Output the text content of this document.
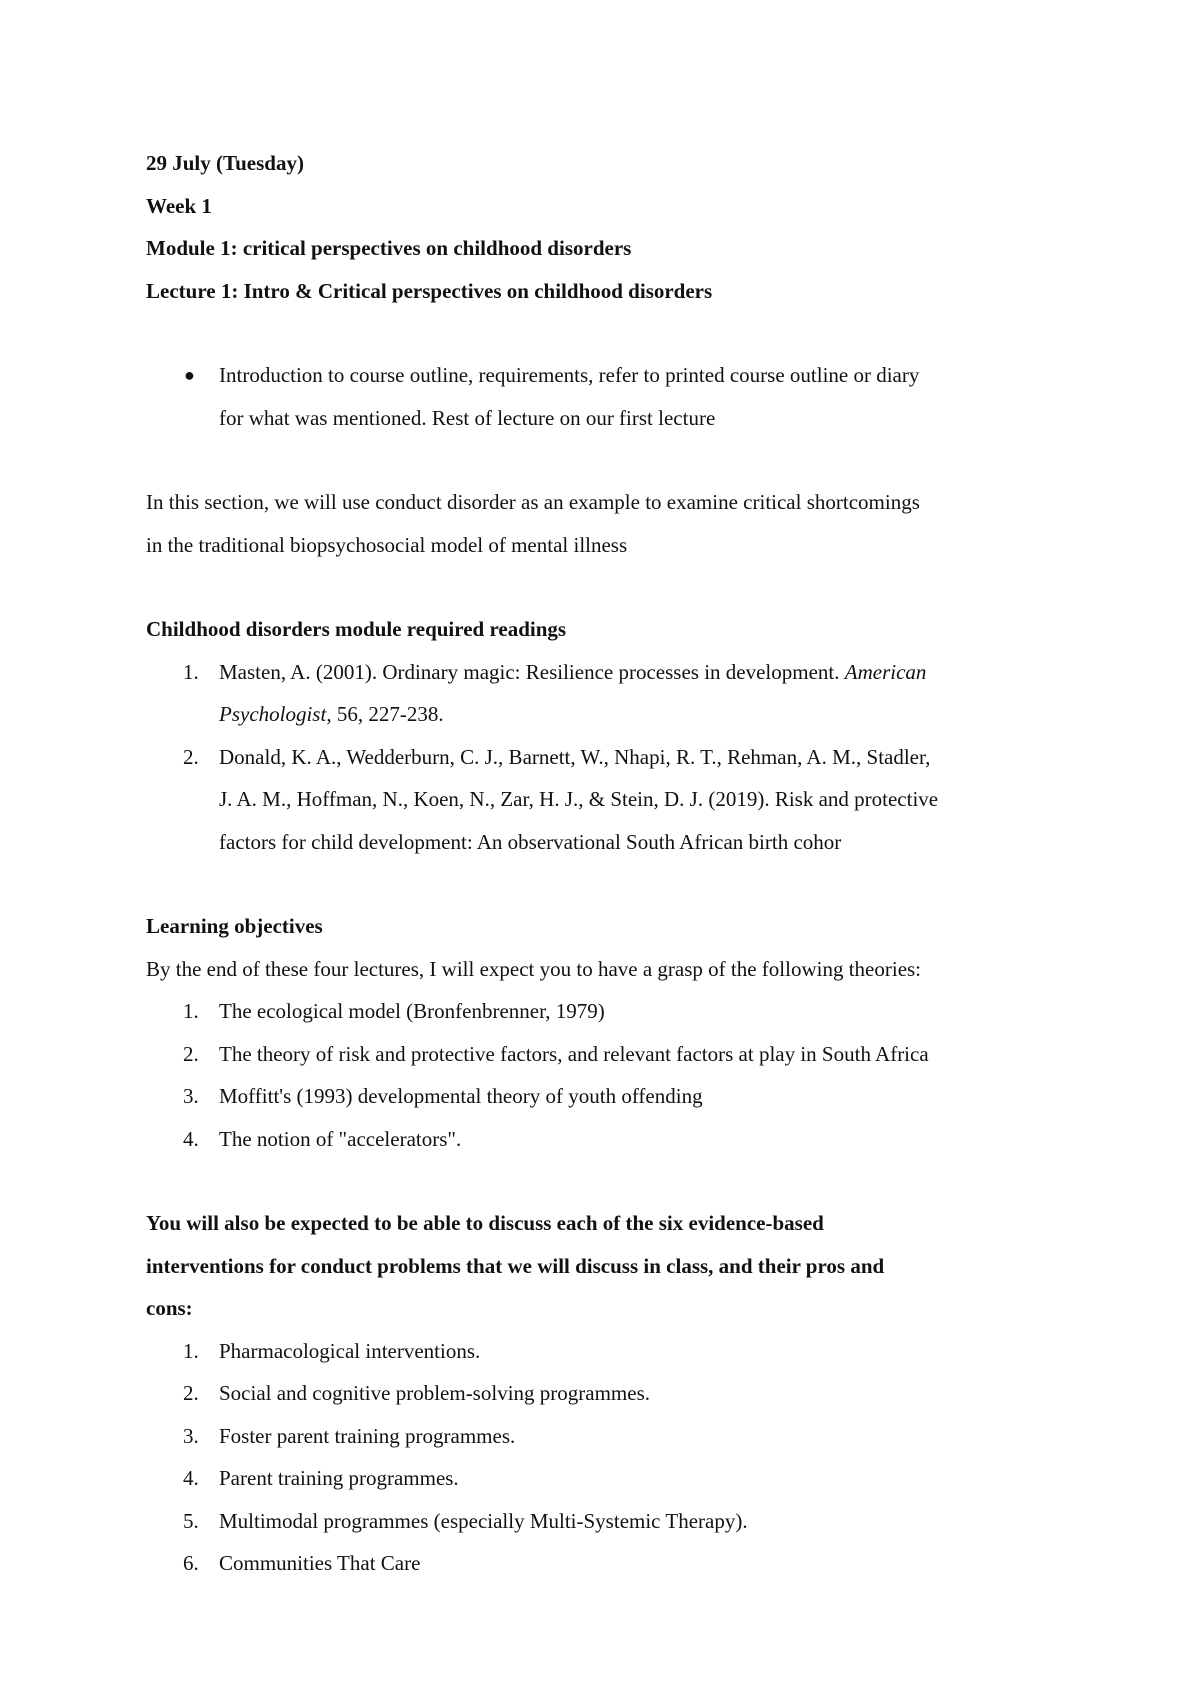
29 July (Tuesday)

Week 1

Module 1: critical perspectives on childhood disorders

Lecture 1: Intro & Critical perspectives on childhood disorders

● Introduction to course outline, requirements, refer to printed course outline or diary

for what was mentioned. Rest of lecture on our first lecture

In this section, we will use conduct disorder as an example to examine critical shortcomings

in the traditional biopsychosocial model of mental illness

Childhood disorders module required readings

1. Masten, A. (2001). Ordinary magic: Resilience processes in development. American

Psychologist, 56, 227-238.

2. Donald, K. A., Wedderburn, C. J., Barnett, W., Nhapi, R. T., Rehman, A. M., Stadler,

J. A. M., Hoffman, N., Koen, N., Zar, H. J., & Stein, D. J. (2019). Risk and protective

factors for child development: An observational South African birth cohor

Learning objectives

By the end of these four lectures, I will expect you to have a grasp of the following theories:

1. The ecological model (Bronfenbrenner, 1979)

2. The theory of risk and protective factors, and relevant factors at play in South Africa

3. Moffitt's (1993) developmental theory of youth offending

4. The notion of "accelerators".

You will also be expected to be able to discuss each of the six evidence-based

interventions for conduct problems that we will discuss in class, and their pros and

cons:

1. Pharmacological interventions.

2. Social and cognitive problem-solving programmes.

3. Foster parent training programmes.

4. Parent training programmes.

5. Multimodal programmes (especially Multi-Systemic Therapy).

6. Communities That Care
